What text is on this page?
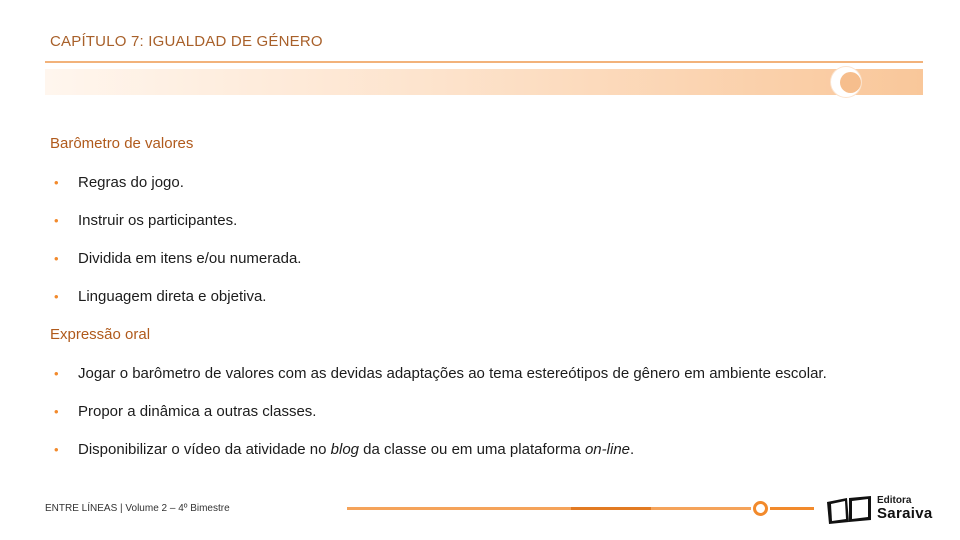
CAPÍTULO 7: IGUALDAD DE GÉNERO
Barômetro de valores
• Regras do jogo.
• Instruir os participantes.
• Dividida em itens e/ou numerada.
• Linguagem direta e objetiva.
Expressão oral
• Jogar o barômetro de valores com as devidas adaptações ao tema estereótipos de gênero em ambiente escolar.
• Propor a dinâmica a outras classes.
• Disponibilizar o vídeo da atividade no blog da classe ou em uma plataforma on-line.
ENTRE LÍNEAS | Volume 2 – 4º Bimestre
Editora
Saraiva
